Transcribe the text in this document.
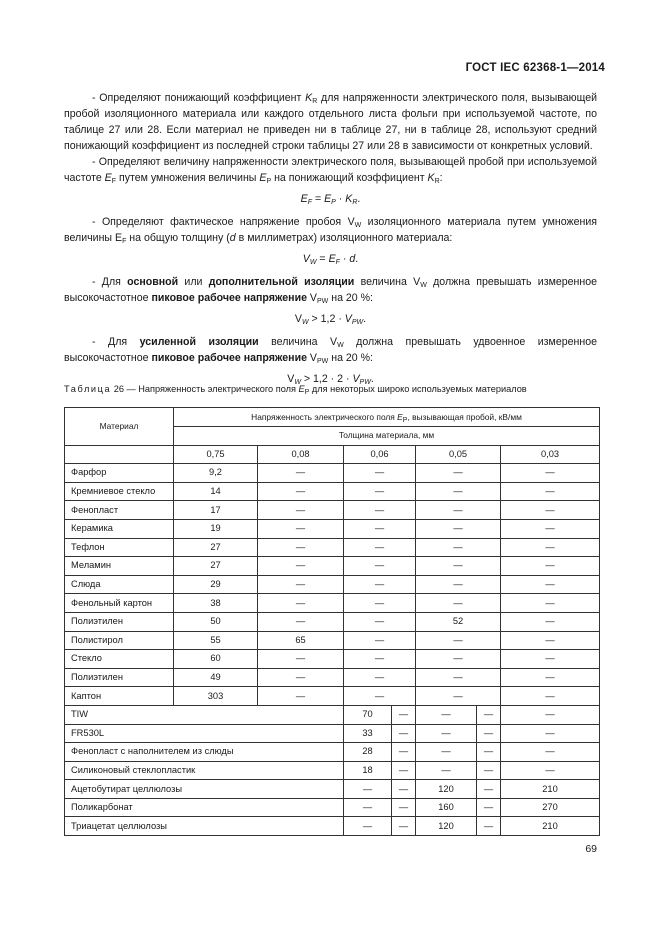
ГОСТ IEC 62368-1—2014

- Определяют понижающий коэффициент $K_R$ для напряженности электрического поля, вызывающей пробой изоляционного материала или каждого отдельного листа фольги при используемой частоте, по таблице 27 или 28. Если материал не приведен ни в таблице 27, ни в таблице 28, используют средний понижающий коэффициент из последней строки таблицы 27 или 28 в зависимости от конкретных условий.

- Определяют величину напряженности электрического поля, вызывающей пробой при используемой частоте $E_F$ путем умножения величины $E_P$ на понижающий коэффициент $K_R$:

$E_F = E_P \cdot K_R$.

- Определяют фактическое напряжение пробоя $V_W$ изоляционного материала путем умножения величины $E_F$ на общую толщину (d в миллиметрах) изоляционного материала:

$V_W = E_F \cdot d$.

- Для основной или дополнительной изоляции величина $V_W$ должна превышать измеренное высокочастотное пиковое рабочее напряжение $V_{PW}$ на 20 %:

$V_W > 1,2 \cdot V_{PW}$.

- Для усиленной изоляции величина $V_W$ должна превышать удвоенное измеренное высокочастотное пиковое рабочее напряжение $V_{PW}$ на 20 %:

$V_W > 1,2 \cdot 2 \cdot V_{PW}$.
Таблица 26 — Напряженность электрического поля $E_P$ для некоторых широко используемых материалов
Материал	Напряженность электрического поля $E_P$, вызывающая пробой, кВ/мм						
	Толщина материала, мм						
	0,75	0,08	0,06		0,05		0,03
Фарфор	9,2	—	—		—		—
Кремниевое стекло	14	—	—		—		—
Фенопласт	17	—	—		—		—
Керамика	19	—	—		—		—
Тефлон	27	—	—		—		—
Меламин	27	—	—		—		—
Слюда	29	—	—		—		—
Фенольный картон	38	—	—		—		—
Полиэтилен	50	—	—		52		—
Полистирол	55	65	—		—		—
Стекло	60	—	—		—		—
Полиэтилен	49	—	—		—		—
Каптон	303	—	—		—		—
TIW			70	—	—	—	—
FR530L			33	—	—	—	—
Фенопласт с наполнителем из слюды			28	—	—	—	—
Силиконовый стеклопластик			18	—	—	—	—
Ацетобутират целлюлозы			—	—	120	—	210
Поликарбонат			—	—	160	—	270
Триацетат целлюлозы			—	—	120	—	210
69
